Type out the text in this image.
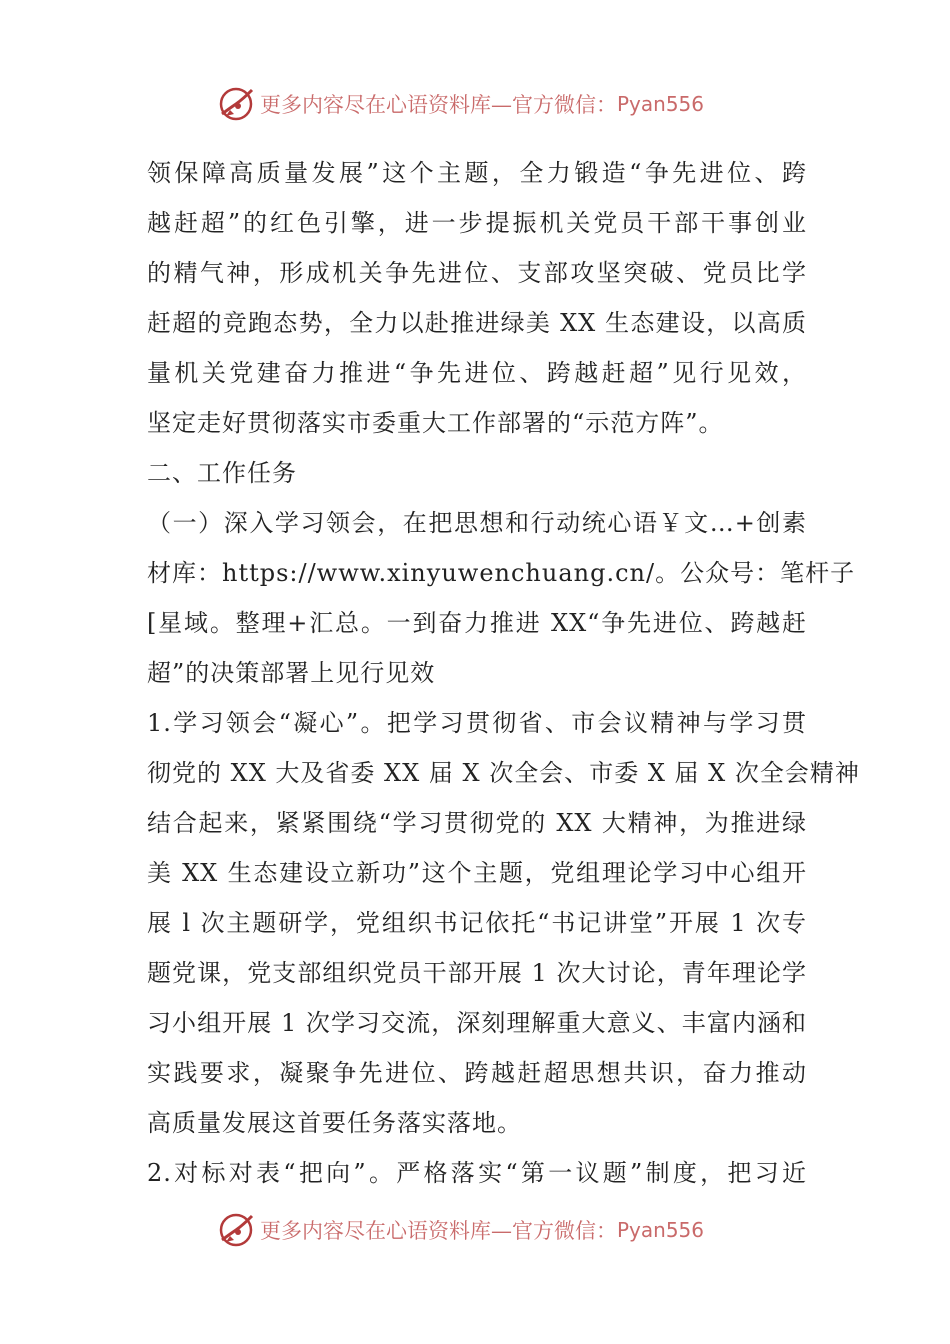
更多内容尽在心语资料库—官方微信： Pyan556
领保障高质量发展”这个主题，全力锻造“争先进位、跨
越赶超”的红色引擎，进一步提振机关党员干部干事创业
的精气神，形成机关争先进位、支部攻坚突破、党员比学
赶超的竞跑态势，全力以赴推进绿美 XX 生态建设，以高质
量机关党建奋力推进“争先进位、跨越赶超”见行见效，
坚定走好贯彻落实市委重大工作部署的“示范方阵”。
二、工作任务
（一）深入学习领会，在把思想和行动统心语￥文…+创素
材库：https://www.xinyuwenchuang.cn/。公众号：笔杆子
[星域。整理+汇总。一到奋力推进 XX“争先进位、跨越赶
超”的决策部署上见行见效
1.学习领会“凝心”。把学习贯彻省、市会议精神与学习贯
彻党的 XX 大及省委 XX 届 X 次全会、市委 X 届 X 次全会精神
结合起来，紧紧围绕“学习贯彻党的 XX 大精神，为推进绿
美 XX 生态建设立新功”这个主题，党组理论学习中心组开
展 l 次主题研学，党组织书记依托“书记讲堂”开展 1 次专
题党课，党支部组织党员干部开展 1 次大讨论，青年理论学
习小组开展 1 次学习交流，深刻理解重大意义、丰富内涵和
实践要求，凝聚争先进位、跨越赶超思想共识，奋力推动
高质量发展这首要任务落实落地。
2.对标对表“把向”。严格落实“第一议题”制度，把习近
更多内容尽在心语资料库—官方微信： Pyan556
